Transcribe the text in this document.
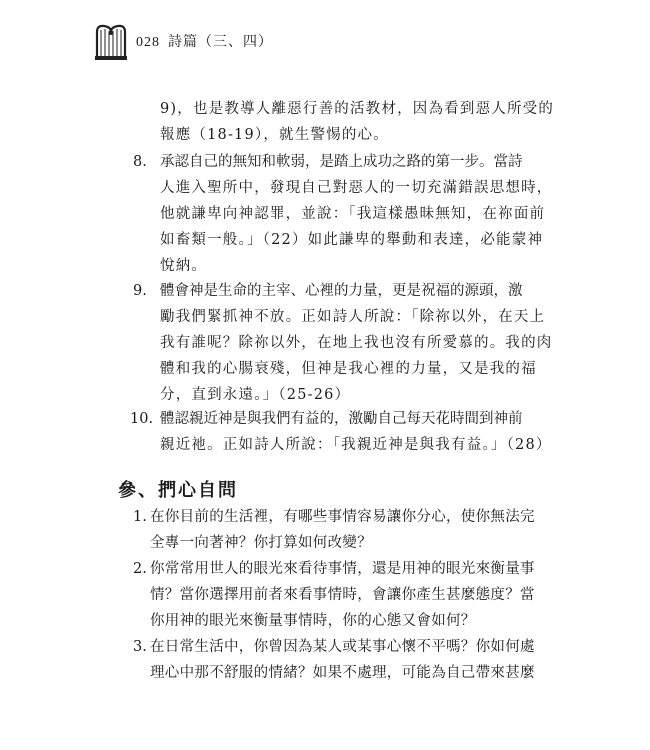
028 詩篇（三、四）
9)，也是教導人離惡行善的活教材，因為看到惡人所受的
報應（18-19），就生警惕的心。
8. 承認自己的無知和軟弱，是踏上成功之路的第一步。當詩
人進入聖所中，發現自己對惡人的一切充滿錯誤思想時，
他就謙卑向神認罪，並說：「我這樣愚昧無知，在祢面前
如畜類一般。」（22）如此謙卑的舉動和表達，必能蒙神
悅納。
9. 體會神是生命的主宰、心裡的力量，更是祝福的源頭，激
勵我們緊抓神不放。正如詩人所說：「除祢以外，在天上
我有誰呢？除祢以外，在地上我也沒有所愛慕的。我的肉
體和我的心腸衰殘，但神是我心裡的力量，又是我的福
分，直到永遠。」（25-26）
10. 體認親近神是與我們有益的，激勵自己每天花時間到神前
親近祂。正如詩人所說：「我親近神是與我有益。」（28）
參、捫心自問
1. 在你目前的生活裡，有哪些事情容易讓你分心，使你無法完
全專一向著神？你打算如何改變？
2. 你常常用世人的眼光來看待事情，還是用神的眼光來衡量事
情？當你選擇用前者來看事情時，會讓你產生甚麼態度？當
你用神的眼光來衡量事情時，你的心態又會如何？
3. 在日常生活中，你曾因為某人或某事心懷不平嗎？你如何處
理心中那不舒服的情緒？如果不處理，可能為自己帶來甚麼
